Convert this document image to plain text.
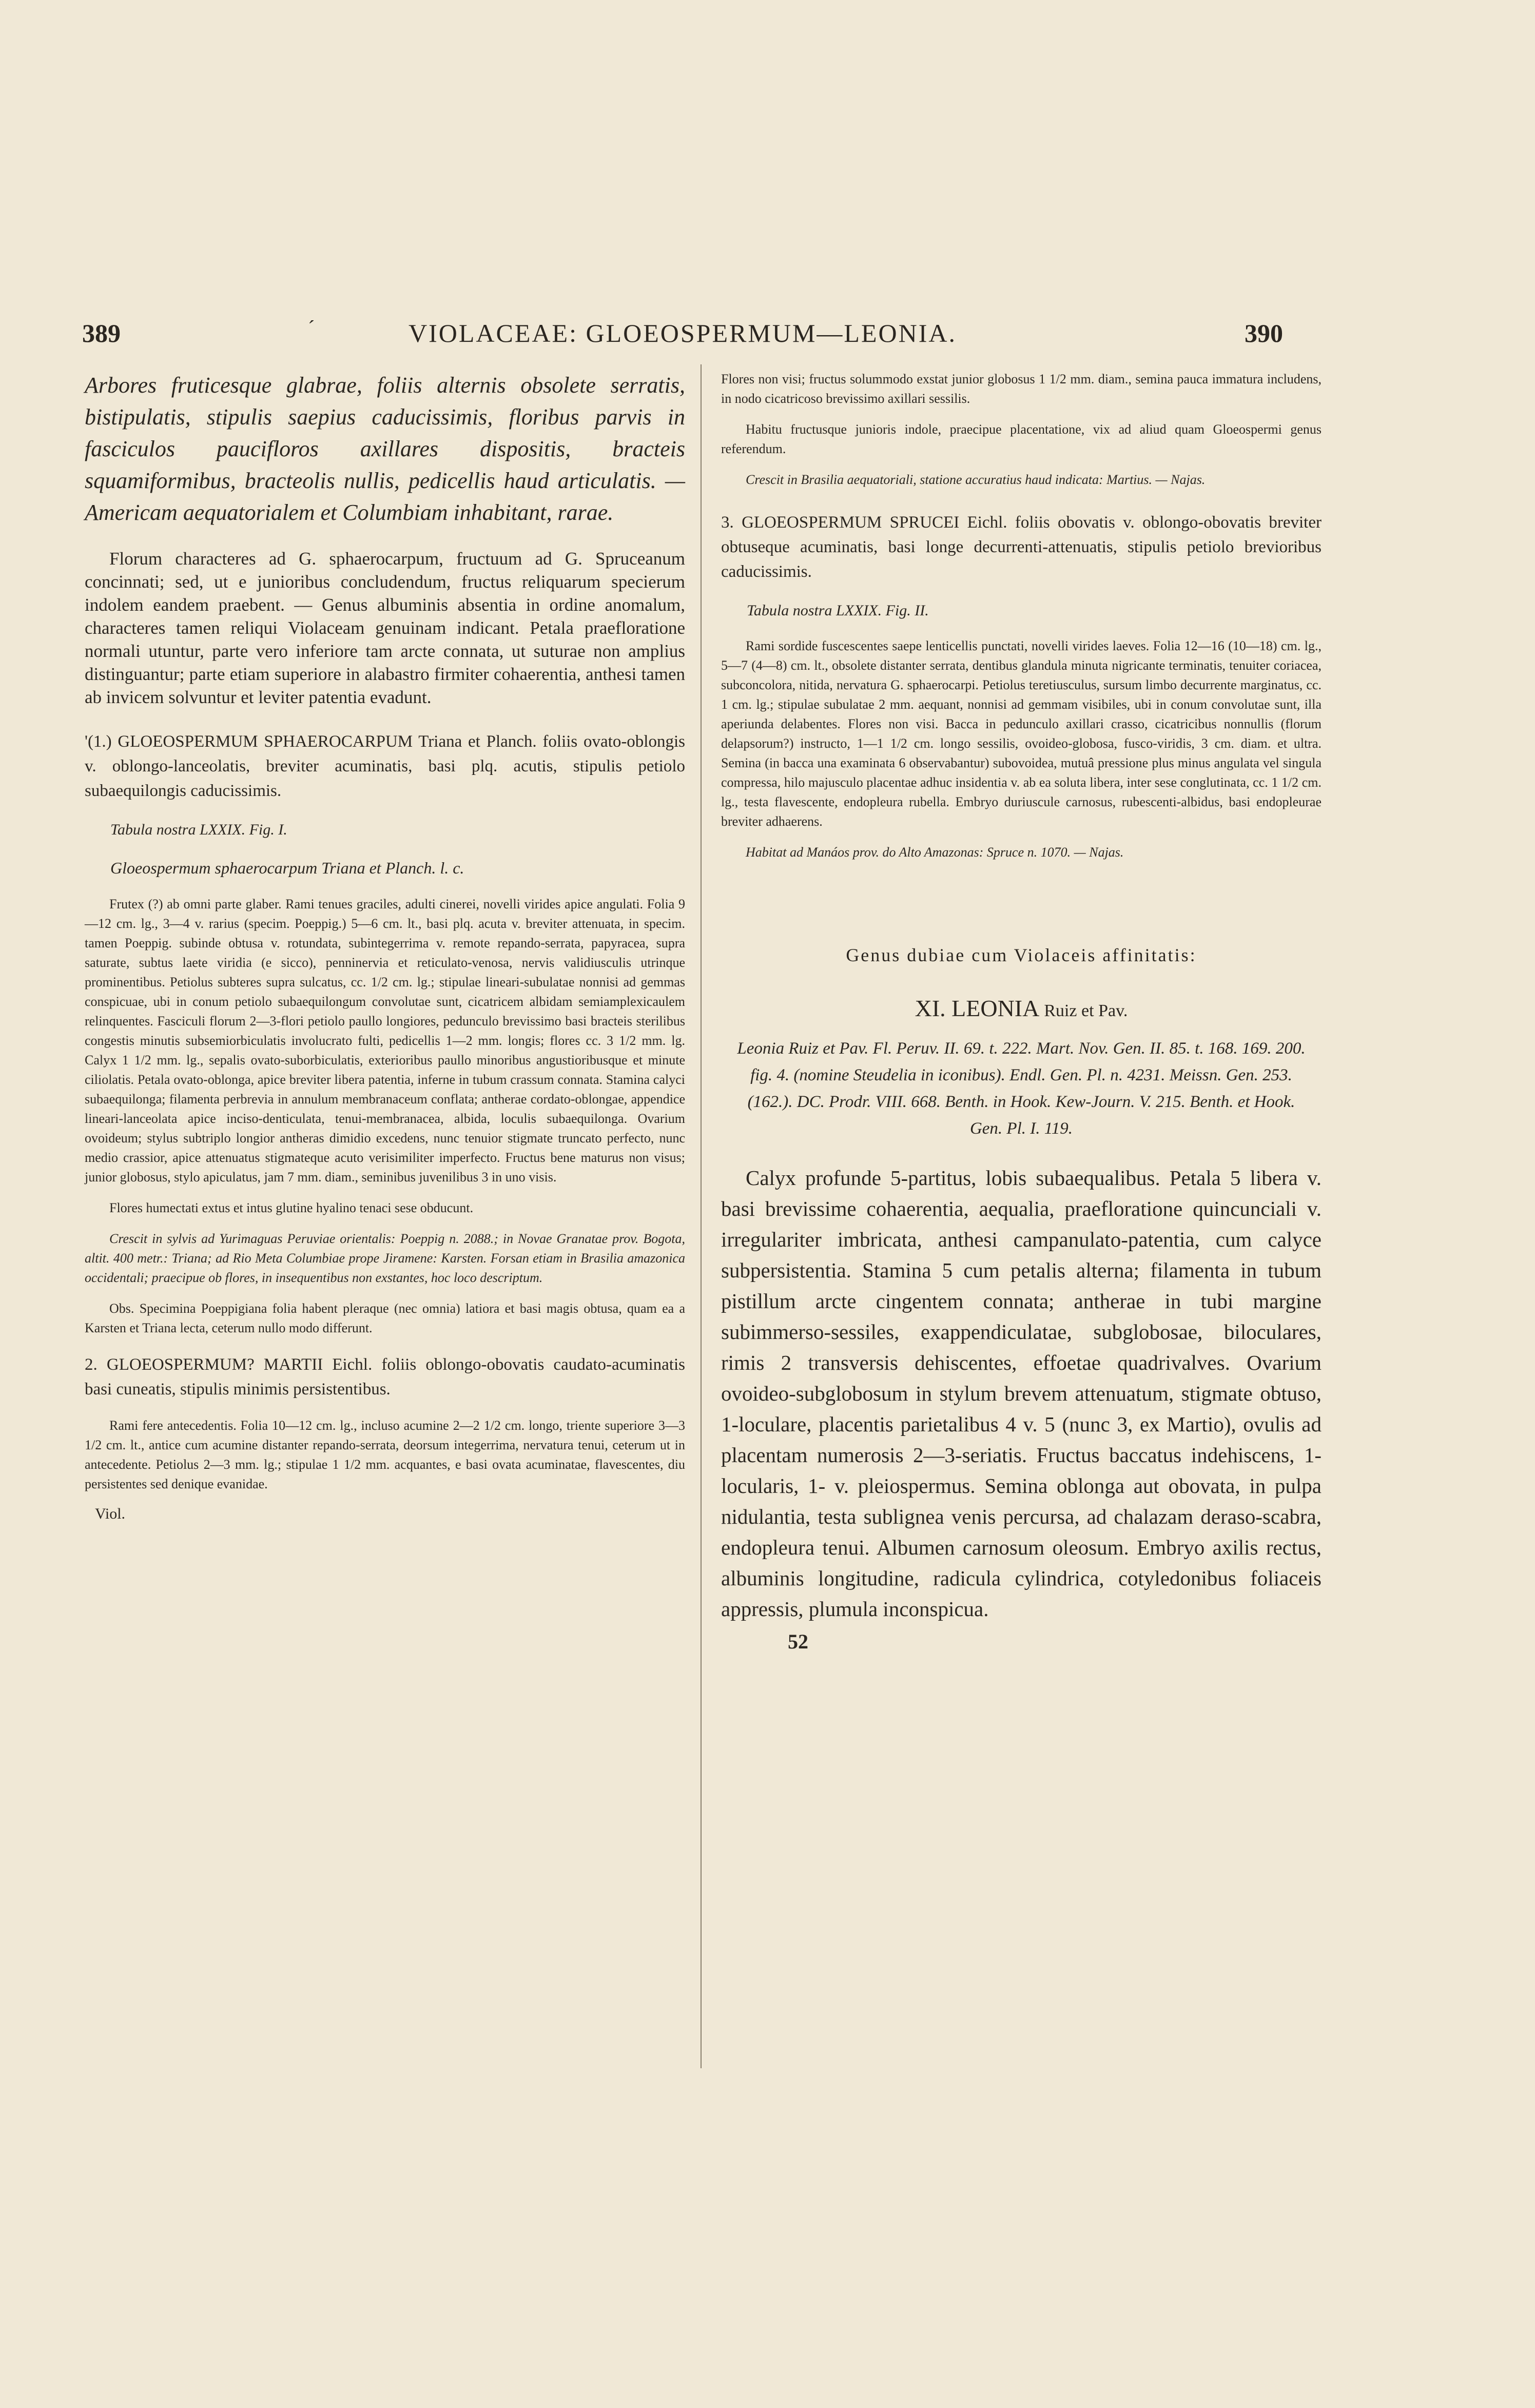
389	´	VIOLACEAE: GLOEOSPERMUM—LEONIA.	390

Arbores fruticesque glabrae, foliis alternis obsolete serratis, bistipulatis, stipulis saepius caducissimis, floribus parvis in fasciculos paucifloros axillares dispositis, bracteis squamiformibus, bracteolis nullis, pedicellis haud articulatis. — Americam aequatorialem et Columbiam inhabitant, rarae.

Florum characteres ad G. sphaerocarpum, fructuum ad G. Spruceanum concinnati; sed, ut e junioribus concludendum, fructus reliquarum specierum indolem eandem praebent. — Genus albuminis absentia in ordine anomalum, characteres tamen reliqui Violaceam genuinam indicant. Petala praefloratione normali utuntur, parte vero inferiore tam arcte connata, ut suturae non amplius distinguantur; parte etiam superiore in alabastro firmiter cohaerentia, anthesi tamen ab invicem solvuntur et leviter patentia evadunt.

'(1.) GLOEOSPERMUM SPHAEROCARPUM Triana et Planch. foliis ovato-oblongis v. oblongo-lanceolatis, breviter acuminatis, basi plq. acutis, stipulis petiolo subaequilongis caducissimis.

Tabula nostra LXXIX. Fig. I.

Gloeospermum sphaerocarpum Triana et Planch. l. c.

Frutex (?) ab omni parte glaber. Rami tenues graciles, adulti cinerei, novelli virides apice angulati. Folia 9—12 cm. lg., 3—4 v. rarius (specim. Poeppig.) 5—6 cm. lt., basi plq. acuta v. breviter attenuata, in specim. tamen Poeppig. subinde obtusa v. rotundata, subintegerrima v. remote repando-serrata, papyracea, supra saturate, subtus laete viridia (e sicco), penninervia et reticulato-venosa, nervis validiusculis utrinque prominentibus. Petiolus subteres supra sulcatus, cc. 1/2 cm. lg.; stipulae lineari-subulatae nonnisi ad gemmas conspicuae, ubi in conum petiolo subaequilongum convolutae sunt, cicatricem albidam semiamplexicaulem relinquentes. Fasciculi florum 2—3-flori petiolo paullo longiores, pedunculo brevissimo basi bracteis sterilibus congestis minutis subsemiorbiculatis involucrato fulti, pedicellis 1—2 mm. longis; flores cc. 3 1/2 mm. lg. Calyx 1 1/2 mm. lg., sepalis ovato-suborbiculatis, exterioribus paullo minoribus angustioribusque et minute ciliolatis. Petala ovato-oblonga, apice breviter libera patentia, inferne in tubum crassum connata. Stamina calyci subaequilonga; filamenta perbrevia in annulum membranaceum conflata; antherae cordato-oblongae, appendice lineari-lanceolata apice inciso-denticulata, tenui-membranacea, albida, loculis subaequilonga. Ovarium ovoideum; stylus subtriplo longior antheras dimidio excedens, nunc tenuior stigmate truncato perfecto, nunc medio crassior, apice attenuatus stigmateque acuto verisimiliter imperfecto. Fructus bene maturus non visus; junior globosus, stylo apiculatus, jam 7 mm. diam., seminibus juvenilibus 3 in uno visis.

Flores humectati extus et intus glutine hyalino tenaci sese obducunt.

Crescit in sylvis ad Yurimaguas Peruviae orientalis: Poeppig n. 2088.; in Novae Granatae prov. Bogota, altit. 400 metr.: Triana; ad Rio Meta Columbiae prope Jiramene: Karsten. Forsan etiam in Brasilia amazonica occidentali; praecipue ob flores, in insequentibus non exstantes, hoc loco descriptum.

Obs. Specimina Poeppigiana folia habent pleraque (nec omnia) latiora et basi magis obtusa, quam ea a Karsten et Triana lecta, ceterum nullo modo differunt.

2. GLOEOSPERMUM? MARTII Eichl. foliis oblongo-obovatis caudato-acuminatis basi cuneatis, stipulis minimis persistentibus.

Rami fere antecedentis. Folia 10—12 cm. lg., incluso acumine 2—2 1/2 cm. longo, triente superiore 3—3 1/2 cm. lt., antice cum acumine distanter repando-serrata, deorsum integerrima, nervatura tenui, ceterum ut in antecedente. Petiolus 2—3 mm. lg.; stipulae 1 1/2 mm. acquantes, e basi ovata acuminatae, flavescentes, diu persistentes sed denique evanidae.

Viol.

Flores non visi; fructus solummodo exstat junior globosus 1 1/2 mm. diam., semina pauca immatura includens, in nodo cicatricoso brevissimo axillari sessilis.

Habitu fructusque junioris indole, praecipue placentatione, vix ad aliud quam Gloeospermi genus referendum.

Crescit in Brasilia aequatoriali, statione accuratius haud indicata: Martius. — Najas.

3. GLOEOSPERMUM SPRUCEI Eichl. foliis obovatis v. oblongo-obovatis breviter obtuseque acuminatis, basi longe decurrenti-attenuatis, stipulis petiolo brevioribus caducissimis.

Tabula nostra LXXIX. Fig. II.

Rami sordide fuscescentes saepe lenticellis punctati, novelli virides laeves. Folia 12—16 (10—18) cm. lg., 5—7 (4—8) cm. lt., obsolete distanter serrata, dentibus glandula minuta nigricante terminatis, tenuiter coriacea, subconcolora, nitida, nervatura G. sphaerocarpi. Petiolus teretiusculus, sursum limbo decurrente marginatus, cc. 1 cm. lg.; stipulae subulatae 2 mm. aequant, nonnisi ad gemmam visibiles, ubi in conum convolutae sunt, illa aperiunda delabentes. Flores non visi. Bacca in pedunculo axillari crasso, cicatricibus nonnullis (florum delapsorum?) instructo, 1—1 1/2 cm. longo sessilis, ovoideo-globosa, fusco-viridis, 3 cm. diam. et ultra. Semina (in bacca una examinata 6 observabantur) subovoidea, mutuâ pressione plus minus angulata vel singula compressa, hilo majusculo placentae adhuc insidentia v. ab ea soluta libera, inter sese conglutinata, cc. 1 1/2 cm. lg., testa flavescente, endopleura rubella. Embryo duriuscule carnosus, rubescenti-albidus, basi endopleurae breviter adhaerens.

Habitat ad Manáos prov. do Alto Amazonas: Spruce n. 1070. — Najas.

Genus dubiae cum Violaceis affinitatis:
XI. LEONIA Ruiz et Pav.

Leonia Ruiz et Pav. Fl. Peruv. II. 69. t. 222. Mart. Nov. Gen. II. 85. t. 168. 169. 200. fig. 4. (nomine Steudelia in iconibus). Endl. Gen. Pl. n. 4231. Meissn. Gen. 253. (162.). DC. Prodr. VIII. 668. Benth. in Hook. Kew-Journ. V. 215. Benth. et Hook. Gen. Pl. I. 119.

Calyx profunde 5-partitus, lobis subaequalibus. Petala 5 libera v. basi brevissime cohaerentia, aequalia, praefloratione quincunciali v. irregulariter imbricata, anthesi campanulato-patentia, cum calyce subpersistentia. Stamina 5 cum petalis alterna; filamenta in tubum pistillum arcte cingentem connata; antherae in tubi margine subimmerso-sessiles, exappendiculatae, subglobosae, biloculares, rimis 2 transversis dehiscentes, effoetae quadrivalves. Ovarium ovoideo-subglobosum in stylum brevem attenuatum, stigmate obtuso, 1-loculare, placentis parietalibus 4 v. 5 (nunc 3, ex Martio), ovulis ad placentam numerosis 2—3-seriatis. Fructus baccatus indehiscens, 1-locularis, 1- v. pleiospermus. Semina oblonga aut obovata, in pulpa nidulantia, testa sublignea venis percursa, ad chalazam deraso-scabra, endopleura tenui. Albumen carnosum oleosum. Embryo axilis rectus, albuminis longitudine, radicula cylindrica, cotyledonibus foliaceis appressis, plumula inconspicua.

52
